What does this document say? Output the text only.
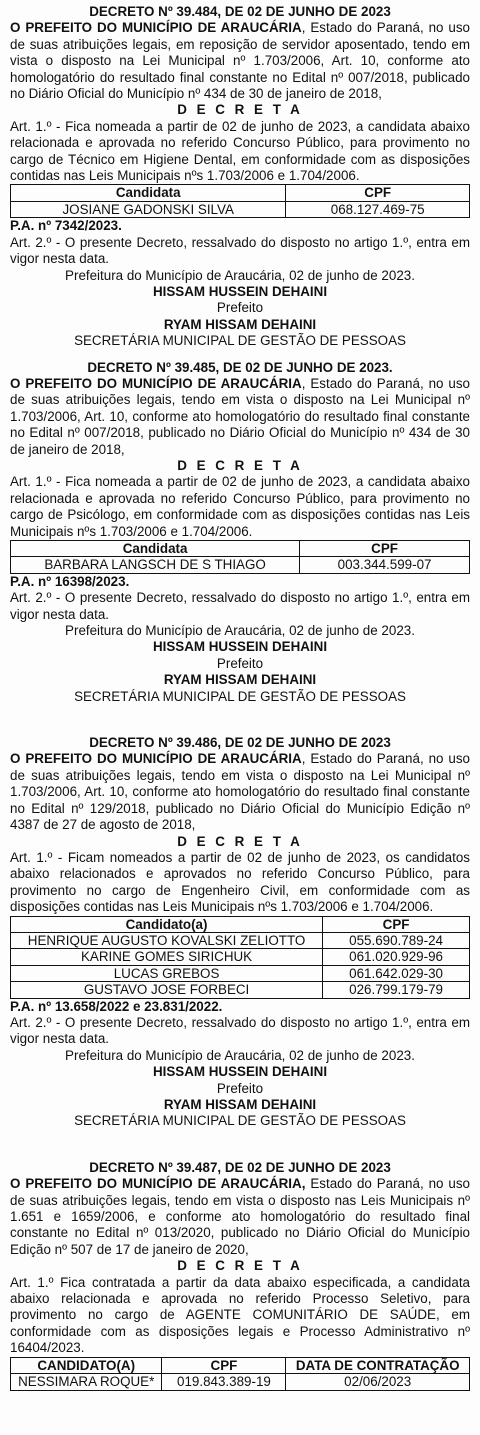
DECRETO Nº 39.484, DE 02 DE JUNHO DE 2023
O PREFEITO DO MUNICÍPIO DE ARAUCÁRIA, Estado do Paraná, no uso de suas atribuições legais, em reposição de servidor aposentado, tendo em vista o disposto na Lei Municipal nº 1.703/2006, Art. 10, conforme ato homologatório do resultado final constante no Edital nº 007/2018, publicado no Diário Oficial do Município nº 434 de 30 de janeiro de 2018,
D E C R E T A
Art. 1.º - Fica nomeada a partir de 02 de junho de 2023, a candidata abaixo relacionada e aprovada no referido Concurso Público, para provimento no cargo de Técnico em Higiene Dental, em conformidade com as disposições contidas nas Leis Municipais nºs 1.703/2006 e 1.704/2006.
Candidata	CPF
JOSIANE GADONSKI SILVA	068.127.469-75
P.A. nº 7342/2023.
Art. 2.º - O presente Decreto, ressalvado do disposto no artigo 1.º, entra em vigor nesta data.
Prefeitura do Município de Araucária, 02 de junho de 2023.
HISSAM HUSSEIN DEHAINI
Prefeito
RYAM HISSAM DEHAINI
SECRETÁRIA MUNICIPAL DE GESTÃO DE PESSOAS
DECRETO Nº 39.485, DE 02 DE JUNHO DE 2023.
O PREFEITO DO MUNICÍPIO DE ARAUCÁRIA, Estado do Paraná, no uso de suas atribuições legais, tendo em vista o disposto na Lei Municipal nº 1.703/2006, Art. 10, conforme ato homologatório do resultado final constante no Edital nº 007/2018, publicado no Diário Oficial do Município nº 434 de 30 de janeiro de 2018,
D E C R E T A
Art. 1.º - Fica nomeada a partir de 02 de junho de 2023, a candidata abaixo relacionada e aprovada no referido Concurso Público, para provimento no cargo de Psicólogo, em conformidade com as disposições contidas nas Leis Municipais nºs 1.703/2006 e 1.704/2006.
Candidata	CPF
BARBARA LANGSCH DE S THIAGO	003.344.599-07
P.A. nº 16398/2023.
Art. 2.º - O presente Decreto, ressalvado do disposto no artigo 1.º, entra em vigor nesta data.
Prefeitura do Município de Araucária, 02 de junho de 2023.
HISSAM HUSSEIN DEHAINI
Prefeito
RYAM HISSAM DEHAINI
SECRETÁRIA MUNICIPAL DE GESTÃO DE PESSOAS
DECRETO Nº 39.486, DE 02 DE JUNHO DE 2023
O PREFEITO DO MUNICÍPIO DE ARAUCÁRIA, Estado do Paraná, no uso de suas atribuições legais, tendo em vista o disposto na Lei Municipal nº 1.703/2006, Art. 10, conforme ato homologatório do resultado final constante no Edital nº 129/2018, publicado no Diário Oficial do Município Edição nº 4387 de 27 de agosto de 2018,
D E C R E T A
Art. 1.º - Ficam nomeados a partir de 02 de junho de 2023, os candidatos abaixo relacionados e aprovados no referido Concurso Público, para provimento no cargo de Engenheiro Civil, em conformidade com as disposições contidas nas Leis Municipais nºs 1.703/2006 e 1.704/2006.
Candidato(a)	CPF
HENRIQUE AUGUSTO KOVALSKI ZELIOTTO	055.690.789-24
KARINE GOMES SIRICHUK	061.020.929-96
LUCAS GREBOS	061.642.029-30
GUSTAVO JOSE FORBECI	026.799.179-79
P.A. nº 13.658/2022 e 23.831/2022.
Art. 2.º - O presente Decreto, ressalvado do disposto no artigo 1.º, entra em vigor nesta data.
Prefeitura do Município de Araucária, 02 de junho de 2023.
HISSAM HUSSEIN DEHAINI
Prefeito
RYAM HISSAM DEHAINI
SECRETÁRIA MUNICIPAL DE GESTÃO DE PESSOAS
DECRETO Nº 39.487, DE 02 DE JUNHO DE 2023
O PREFEITO DO MUNICÍPIO DE ARAUCÁRIA, Estado do Paraná, no uso de suas atribuições legais, tendo em vista o disposto nas Leis Municipais nº 1.651 e 1659/2006, e conforme ato homologatório do resultado final constante no Edital nº 013/2020, publicado no Diário Oficial do Município Edição nº 507 de 17 de janeiro de 2020,
D E C R E T A
Art. 1.º Fica contratada a partir da data abaixo especificada, a candidata abaixo relacionada e aprovada no referido Processo Seletivo, para provimento no cargo de AGENTE COMUNITÁRIO DE SAÚDE, em conformidade com as disposições legais e Processo Administrativo nº 16404/2023.
CANDIDATO(A)	CPF	DATA DE CONTRATAÇÃO
NESSIMARA ROQUE*	019.843.389-19	02/06/2023
